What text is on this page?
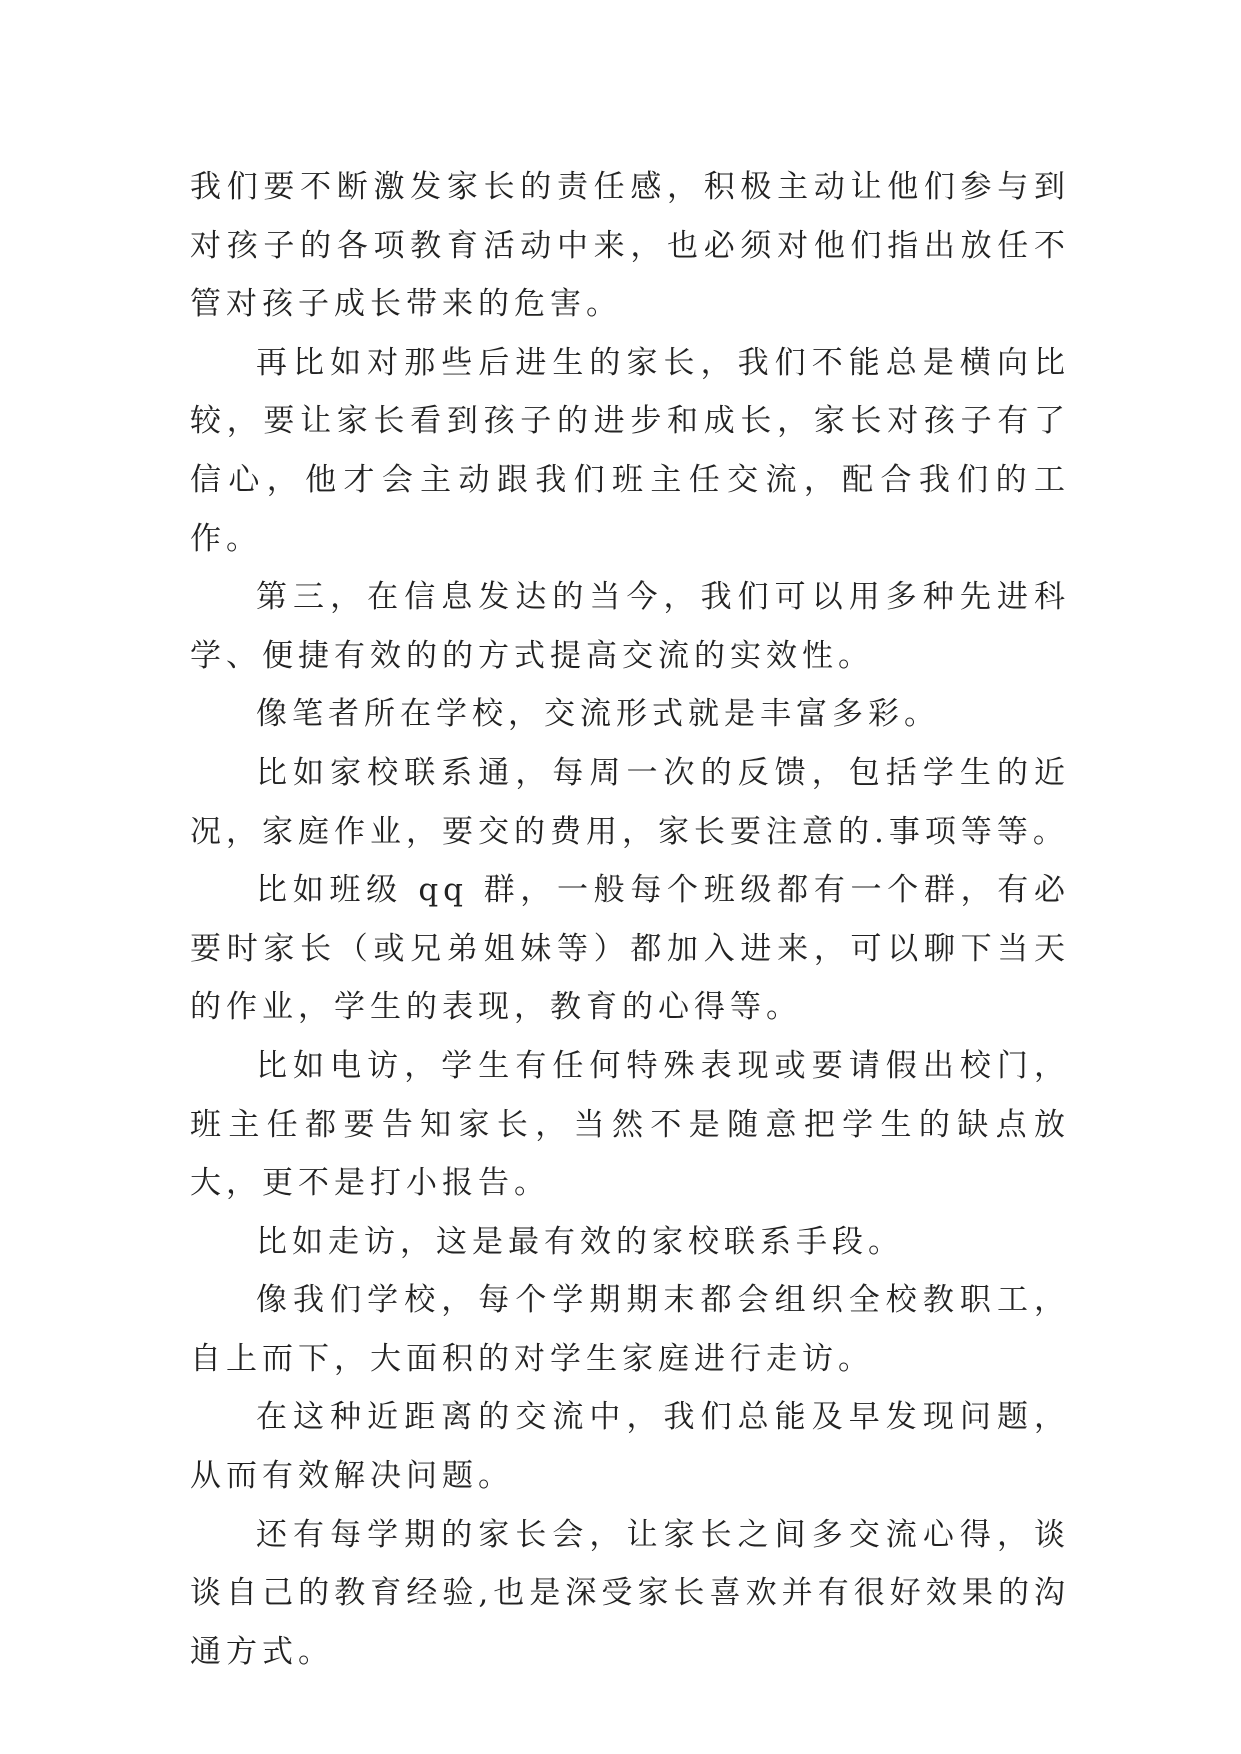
我们要不断激发家长的责任感，积极主动让他们参与到对孩子的各项教育活动中来，也必须对他们指出放任不管对孩子成长带来的危害。

再比如对那些后进生的家长，我们不能总是横向比较，要让家长看到孩子的进步和成长，家长对孩子有了信心，他才会主动跟我们班主任交流，配合我们的工作。

第三，在信息发达的当今，我们可以用多种先进科学、便捷有效的的方式提高交流的实效性。

像笔者所在学校，交流形式就是丰富多彩。

比如家校联系通，每周一次的反馈，包括学生的近况，家庭作业，要交的费用，家长要注意的.事项等等。

比如班级 qq 群，一般每个班级都有一个群，有必要时家长（或兄弟姐妹等）都加入进来，可以聊下当天的作业，学生的表现，教育的心得等。

比如电访，学生有任何特殊表现或要请假出校门，班主任都要告知家长，当然不是随意把学生的缺点放大，更不是打小报告。

比如走访，这是最有效的家校联系手段。

像我们学校，每个学期期末都会组织全校教职工，自上而下，大面积的对学生家庭进行走访。

在这种近距离的交流中，我们总能及早发现问题，从而有效解决问题。

还有每学期的家长会，让家长之间多交流心得，谈谈自己的教育经验,也是深受家长喜欢并有很好效果的沟通方式。
